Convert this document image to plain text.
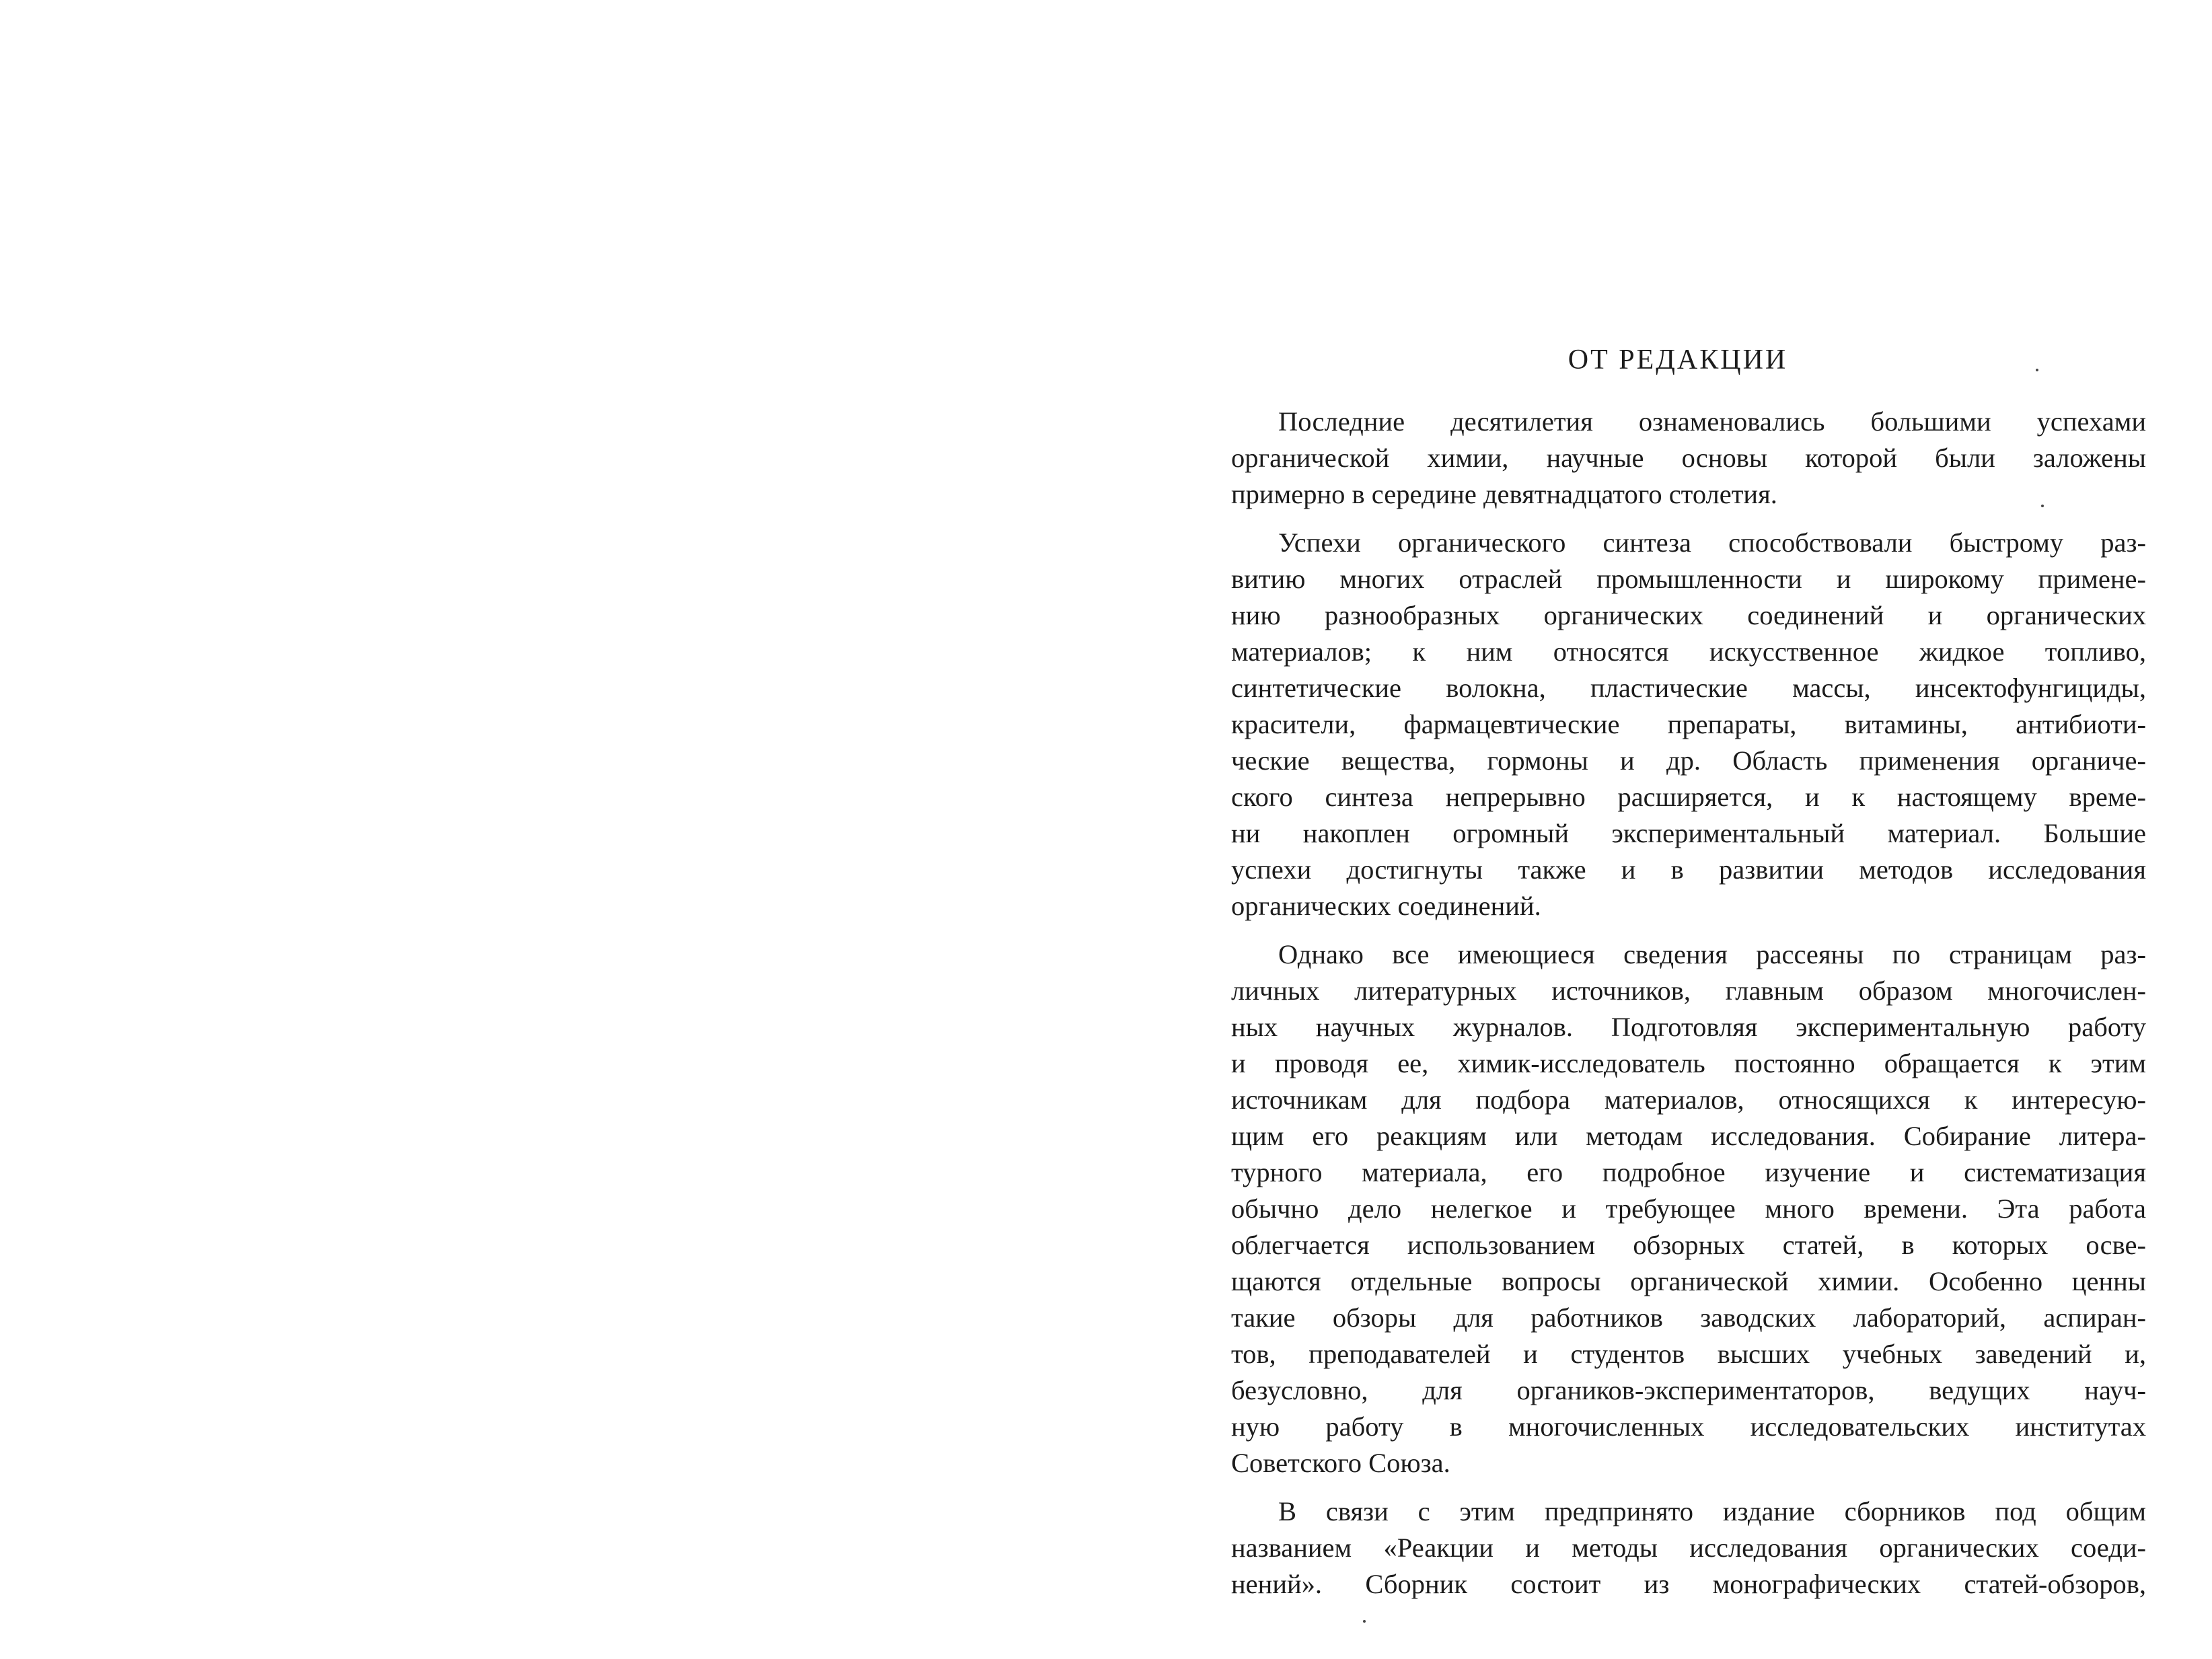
ОТ РЕДАКЦИИ

Последние десятилетия ознаменовались большими успехами
органической химии, научные основы которой были заложены
примерно в середине девятнадцатого столетия.

Успехи органического синтеза способствовали быстрому раз-
витию многих отраслей промышленности и широкому примене-
нию разнообразных органических соединений и органических
материалов; к ним относятся искусственное жидкое топливо,
синтетические волокна, пластические массы, инсектофунгициды,
красители, фармацевтические препараты, витамины, антибиоти-
ческие вещества, гормоны и др. Область применения органиче-
ского синтеза непрерывно расширяется, и к настоящему време-
ни накоплен огромный экспериментальный материал. Большие
успехи достигнуты также и в развитии методов исследования
органических соединений.

Однако все имеющиеся сведения рассеяны по страницам раз-
личных литературных источников, главным образом многочислен-
ных научных журналов. Подготовляя экспериментальную работу
и проводя ее, химик-исследователь постоянно обращается к этим
источникам для подбора материалов, относящихся к интересую-
щим его реакциям или методам исследования. Собирание литера-
турного материала, его подробное изучение и систематизация
обычно дело нелегкое и требующее много времени. Эта работа
облегчается использованием обзорных статей, в которых осве-
щаются отдельные вопросы органической химии. Особенно ценны
такие обзоры для работников заводских лабораторий, аспиран-
тов, преподавателей и студентов высших учебных заведений и,
безусловно, для органиков-экспериментаторов, ведущих науч-
ную работу в многочисленных исследовательских институтах
Советского Союза.

В связи с этим предпринято издание сборников под общим
названием «Реакции и методы исследования органических соеди-
нений». Сборник состоит из монографических статей-обзоров,
